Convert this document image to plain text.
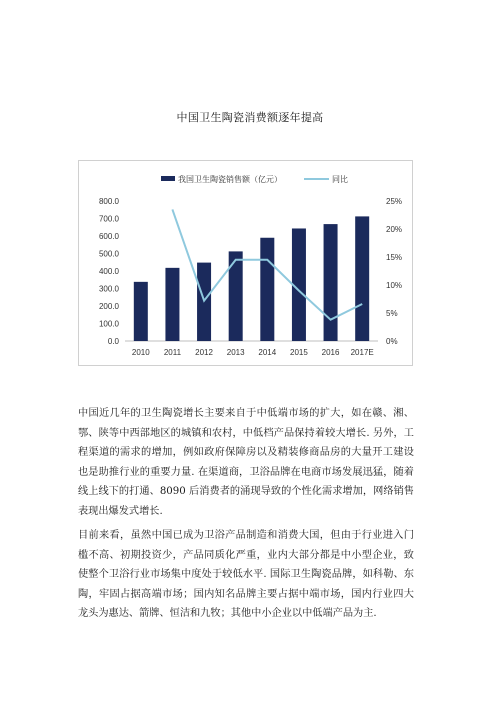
中国卫生陶瓷消费额逐年提高
我国卫生陶瓷销售额（亿元）	同比
0.0
100.0
200.0
300.0
400.0
500.0
600.0
700.0
800.0
0%
5%
10%
15%
20%
25%
2010 2011 2012 2013 2014 2015 2016 2017E
中国近几年的卫生陶瓷增长主要来自于中低端市场的扩大，如在赣、湘、鄂、陕等中西部地区的城镇和农村，中低档产品保持着较大增长. 另外，工程渠道的需求的增加，例如政府保障房以及精装修商品房的大量开工建设也是助推行业的重要力量. 在渠道商，卫浴品牌在电商市场发展迅猛，随着线上线下的打通、8090 后消费者的涌现导致的个性化需求增加，网络销售表现出爆发式增长.
目前来看，虽然中国已成为卫浴产品制造和消费大国，但由于行业进入门槛不高、初期投资少，产品同质化严重，业内大部分都是中小型企业，致使整个卫浴行业市场集中度处于较低水平. 国际卫生陶瓷品牌，如科勒、东陶，牢固占据高端市场；国内知名品牌主要占据中端市场，国内行业四大龙头为惠达、箭牌、恒洁和九牧；其他中小企业以中低端产品为主.
